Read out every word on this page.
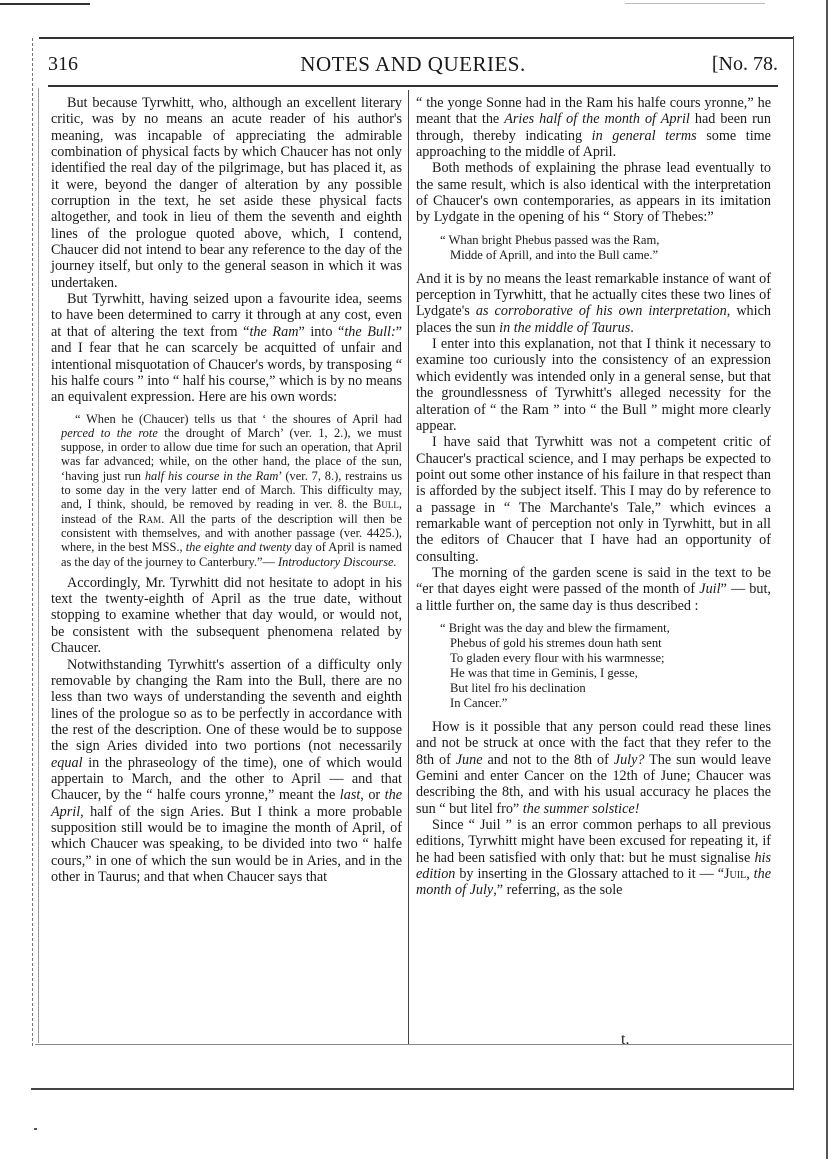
316	NOTES AND QUERIES.	[No. 78.

But because Tyrwhitt, who, although an excellent literary critic, was by no means an acute reader of his author's meaning, was incapable of appreciating the admirable combination of physical facts by which Chaucer has not only identified the real day of the pilgrimage, but has placed it, as it were, beyond the danger of alteration by any possible corruption in the text, he set aside these physical facts altogether, and took in lieu of them the seventh and eighth lines of the prologue quoted above, which, I contend, Chaucer did not intend to bear any reference to the day of the journey itself, but only to the general season in which it was undertaken.

But Tyrwhitt, having seized upon a favourite idea, seems to have been determined to carry it through at any cost, even at that of altering the text from “the Ram” into “the Bull:” and I fear that he can scarcely be acquitted of unfair and intentional misquotation of Chaucer's words, by transposing “ his halfe cours ” into “ half his course,” which is by no means an equivalent expression. Here are his own words:

“ When he (Chaucer) tells us that ‘ the shoures of April had perced to the rote the drought of March’ (ver. 1, 2.), we must suppose, in order to allow due time for such an operation, that April was far advanced; while, on the other hand, the place of the sun, ‘having just run half his course in the Ram’ (ver. 7, 8.), restrains us to some day in the very latter end of March. This difficulty may, and, I think, should, be removed by reading in ver. 8. the Bull, instead of the Ram. All the parts of the description will then be consistent with themselves, and with another passage (ver. 4425.), where, in the best MSS., the eighte and twenty day of April is named as the day of the journey to Canterbury.”— Introductory Discourse.

Accordingly, Mr. Tyrwhitt did not hesitate to adopt in his text the twenty-eighth of April as the true date, without stopping to examine whether that day would, or would not, be consistent with the subsequent phenomena related by Chaucer.

Notwithstanding Tyrwhitt's assertion of a difficulty only removable by changing the Ram into the Bull, there are no less than two ways of understanding the seventh and eighth lines of the prologue so as to be perfectly in accordance with the rest of the description. One of these would be to suppose the sign Aries divided into two portions (not necessarily equal in the phraseology of the time), one of which would appertain to March, and the other to April — and that Chaucer, by the “ halfe cours yronne,” meant the last, or the April, half of the sign Aries. But I think a more probable supposition still would be to imagine the month of April, of which Chaucer was speaking, to be divided into two “ halfe cours,” in one of which the sun would be in Aries, and in the other in Taurus; and that when Chaucer says that

“ the yonge Sonne had in the Ram his halfe cours yronne,” he meant that the Aries half of the month of April had been run through, thereby indicating in general terms some time approaching to the middle of April.

Both methods of explaining the phrase lead eventually to the same result, which is also identical with the interpretation of Chaucer's own contemporaries, as appears in its imitation by Lydgate in the opening of his “ Story of Thebes:”

“ Whan bright Phebus passed was the Ram,
Midde of Aprill, and into the Bull came.”

And it is by no means the least remarkable instance of want of perception in Tyrwhitt, that he actually cites these two lines of Lydgate's as corroborative of his own interpretation, which places the sun in the middle of Taurus.

I enter into this explanation, not that I think it necessary to examine too curiously into the consistency of an expression which evidently was intended only in a general sense, but that the groundlessness of Tyrwhitt's alleged necessity for the alteration of “ the Ram ” into “ the Bull ” might more clearly appear.

I have said that Tyrwhitt was not a competent critic of Chaucer's practical science, and I may perhaps be expected to point out some other instance of his failure in that respect than is afforded by the subject itself. This I may do by reference to a passage in “ The Marchante's Tale,” which evinces a remarkable want of perception not only in Tyrwhitt, but in all the editors of Chaucer that I have had an opportunity of consulting.

The morning of the garden scene is said in the text to be “er that dayes eight were passed of the month of Juil” — but, a little further on, the same day is thus described :

“ Bright was the day and blew the firmament,
Phebus of gold his stremes doun hath sent
To gladen every flour with his warmnesse;
He was that time in Geminis, I gesse,
But litel fro his declination
In Cancer.”

How is it possible that any person could read these lines and not be struck at once with the fact that they refer to the 8th of June and not to the 8th of July? The sun would leave Gemini and enter Cancer on the 12th of June; Chaucer was describing the 8th, and with his usual accuracy he places the sun “ but litel fro” the summer solstice!

Since “ Juil ” is an error common perhaps to all previous editions, Tyrwhitt might have been excused for repeating it, if he had been satisfied with only that: but he must signalise his edition by inserting in the Glossary attached to it — “Juil, the month of July,” referring, as the sole

t.
